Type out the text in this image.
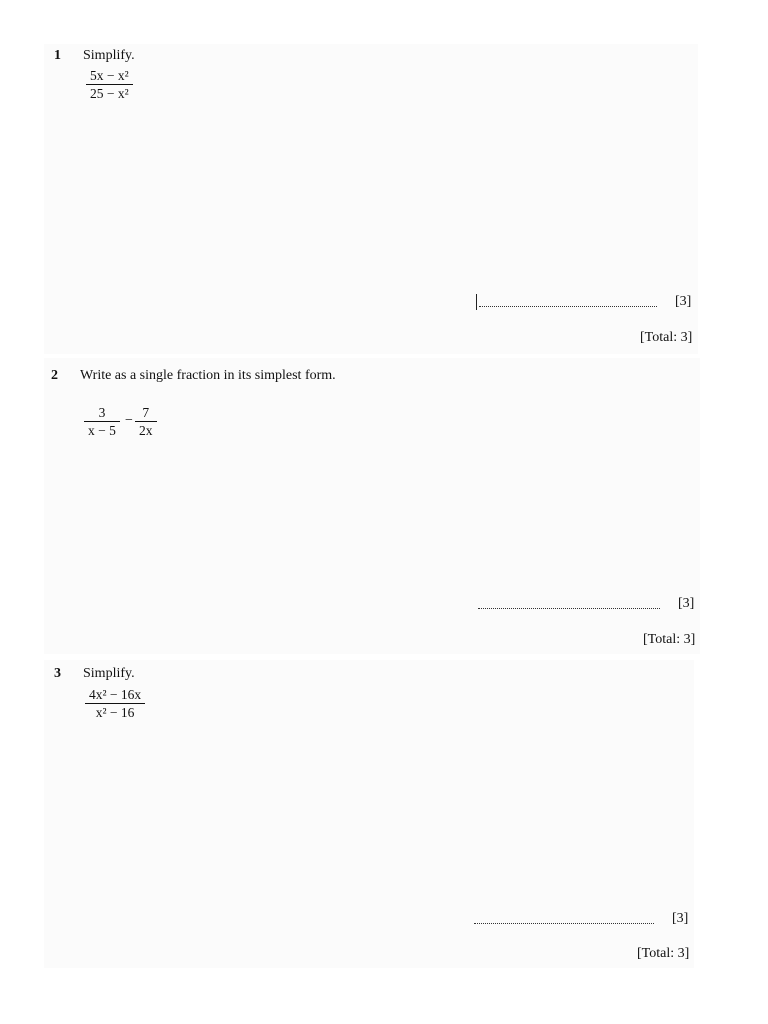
1 Simplify.
5x − x²
25 − x²
[3]
[Total: 3]
2 Write as a single fraction in its simplest form.
3
x − 5
−
7
2x
[3]
[Total: 3]
3 Simplify.
4x² − 16x
x² − 16
[3]
[Total: 3]
